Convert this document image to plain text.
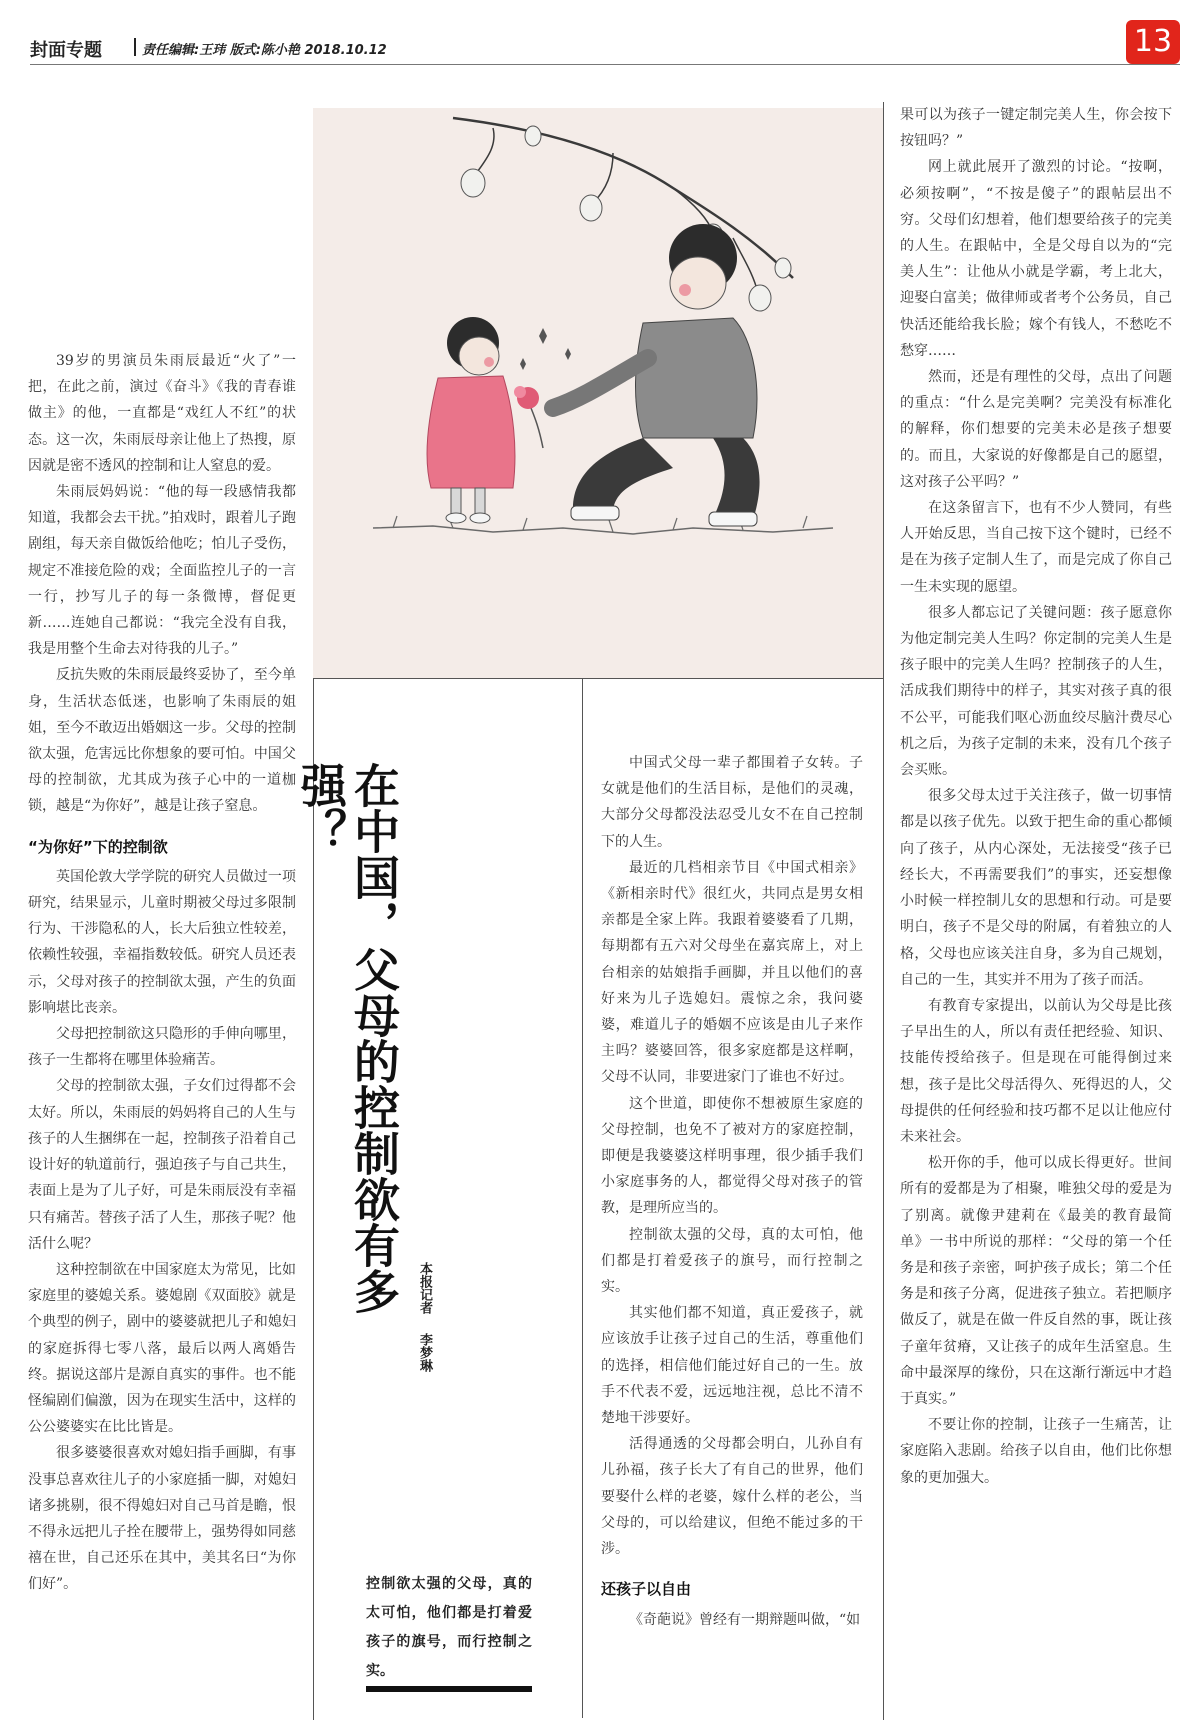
封面专题	责任编辑:王玮 版式:陈小艳 2018.10.12	13
在中国，父母的控制欲有多强？
本报记者 李梦琳
控制欲太强的父母，真的太可怕，他们都是打着爱孩子的旗号，而行控制之实。

39岁的男演员朱雨辰最近“火了”一把，在此之前，演过《奋斗》《我的青春谁做主》的他，一直都是“戏红人不红”的状态。这一次，朱雨辰母亲让他上了热搜，原因就是密不透风的控制和让人窒息的爱。

朱雨辰妈妈说：“他的每一段感情我都知道，我都会去干扰。”拍戏时，跟着儿子跑剧组，每天亲自做饭给他吃；怕儿子受伤，规定不准接危险的戏；全面监控儿子的一言一行，抄写儿子的每一条微博，督促更新……连她自己都说：“我完全没有自我，我是用整个生命去对待我的儿子。”

反抗失败的朱雨辰最终妥协了，至今单身，生活状态低迷，也影响了朱雨辰的姐姐，至今不敢迈出婚姻这一步。父母的控制欲太强，危害远比你想象的要可怕。中国父母的控制欲，尤其成为孩子心中的一道枷锁，越是“为你好”，越是让孩子窒息。

“为你好”下的控制欲

英国伦敦大学学院的研究人员做过一项研究，结果显示，儿童时期被父母过多限制行为、干涉隐私的人，长大后独立性较差，依赖性较强，幸福指数较低。研究人员还表示，父母对孩子的控制欲太强，产生的负面影响堪比丧亲。

父母把控制欲这只隐形的手伸向哪里，孩子一生都将在哪里体验痛苦。

父母的控制欲太强，子女们过得都不会太好。所以，朱雨辰的妈妈将自己的人生与孩子的人生捆绑在一起，控制孩子沿着自己设计好的轨道前行，强迫孩子与自己共生，表面上是为了儿子好，可是朱雨辰没有幸福只有痛苦。替孩子活了人生，那孩子呢？他活什么呢？

这种控制欲在中国家庭太为常见，比如家庭里的婆媳关系。婆媳剧《双面胶》就是个典型的例子，剧中的婆婆就把儿子和媳妇的家庭拆得七零八落，最后以两人离婚告终。据说这部片是源自真实的事件。也不能怪编剧们偏激，因为在现实生活中，这样的公公婆婆实在比比皆是。

很多婆婆很喜欢对媳妇指手画脚，有事没事总喜欢往儿子的小家庭插一脚，对媳妇诸多挑剔，很不得媳妇对自己马首是瞻，恨不得永远把儿子拴在腰带上，强势得如同慈禧在世，自己还乐在其中，美其名曰“为你们好”。

中国式父母一辈子都围着子女转。子女就是他们的生活目标，是他们的灵魂，大部分父母都没法忍受儿女不在自己控制下的人生。

最近的几档相亲节目《中国式相亲》《新相亲时代》很红火，共同点是男女相亲都是全家上阵。我跟着婆婆看了几期，每期都有五六对父母坐在嘉宾席上，对上台相亲的姑娘指手画脚，并且以他们的喜好来为儿子选媳妇。震惊之余，我问婆婆，难道儿子的婚姻不应该是由儿子来作主吗？婆婆回答，很多家庭都是这样啊，父母不认同，非要进家门了谁也不好过。

这个世道，即使你不想被原生家庭的父母控制，也免不了被对方的家庭控制，即便是我婆婆这样明事理，很少插手我们小家庭事务的人，都觉得父母对孩子的管教，是理所应当的。

控制欲太强的父母，真的太可怕，他们都是打着爱孩子的旗号，而行控制之实。

其实他们都不知道，真正爱孩子，就应该放手让孩子过自己的生活，尊重他们的选择，相信他们能过好自己的一生。放手不代表不爱，远远地注视，总比不清不楚地干涉要好。

活得通透的父母都会明白，儿孙自有儿孙福，孩子长大了有自己的世界，他们要娶什么样的老婆，嫁什么样的老公，当父母的，可以给建议，但绝不能过多的干涉。

还孩子以自由

《奇葩说》曾经有一期辩题叫做，“如

果可以为孩子一键定制完美人生，你会按下按钮吗？”

网上就此展开了激烈的讨论。“按啊，必须按啊”，“不按是傻子”的跟帖层出不穷。父母们幻想着，他们想要给孩子的完美的人生。在跟帖中，全是父母自以为的“完美人生”：让他从小就是学霸，考上北大，迎娶白富美；做律师或者考个公务员，自己快活还能给我长脸；嫁个有钱人，不愁吃不愁穿……

然而，还是有理性的父母，点出了问题的重点：“什么是完美啊？完美没有标准化的解释，你们想要的完美未必是孩子想要的。而且，大家说的好像都是自己的愿望，这对孩子公平吗？”

在这条留言下，也有不少人赞同，有些人开始反思，当自己按下这个键时，已经不是在为孩子定制人生了，而是完成了你自己一生未实现的愿望。

很多人都忘记了关键问题：孩子愿意你为他定制完美人生吗？你定制的完美人生是孩子眼中的完美人生吗？控制孩子的人生，活成我们期待中的样子，其实对孩子真的很不公平，可能我们呕心沥血绞尽脑汁费尽心机之后，为孩子定制的未来，没有几个孩子会买账。

很多父母太过于关注孩子，做一切事情都是以孩子优先。以致于把生命的重心都倾向了孩子，从内心深处，无法接受“孩子已经长大，不再需要我们”的事实，还妄想像小时候一样控制儿女的思想和行动。可是要明白，孩子不是父母的附属，有着独立的人格，父母也应该关注自身，多为自己规划，自己的一生，其实并不用为了孩子而活。

有教育专家提出，以前认为父母是比孩子早出生的人，所以有责任把经验、知识、技能传授给孩子。但是现在可能得倒过来想，孩子是比父母活得久、死得迟的人，父母提供的任何经验和技巧都不足以让他应付未来社会。

松开你的手，他可以成长得更好。世间所有的爱都是为了相聚，唯独父母的爱是为了别离。就像尹建莉在《最美的教育最简单》一书中所说的那样：“父母的第一个任务是和孩子亲密，呵护孩子成长；第二个任务是和孩子分离，促进孩子独立。若把顺序做反了，就是在做一件反自然的事，既让孩子童年贫瘠，又让孩子的成年生活窒息。生命中最深厚的缘份，只在这渐行渐远中才趋于真实。”

不要让你的控制，让孩子一生痛苦，让家庭陷入悲剧。给孩子以自由，他们比你想象的更加强大。
